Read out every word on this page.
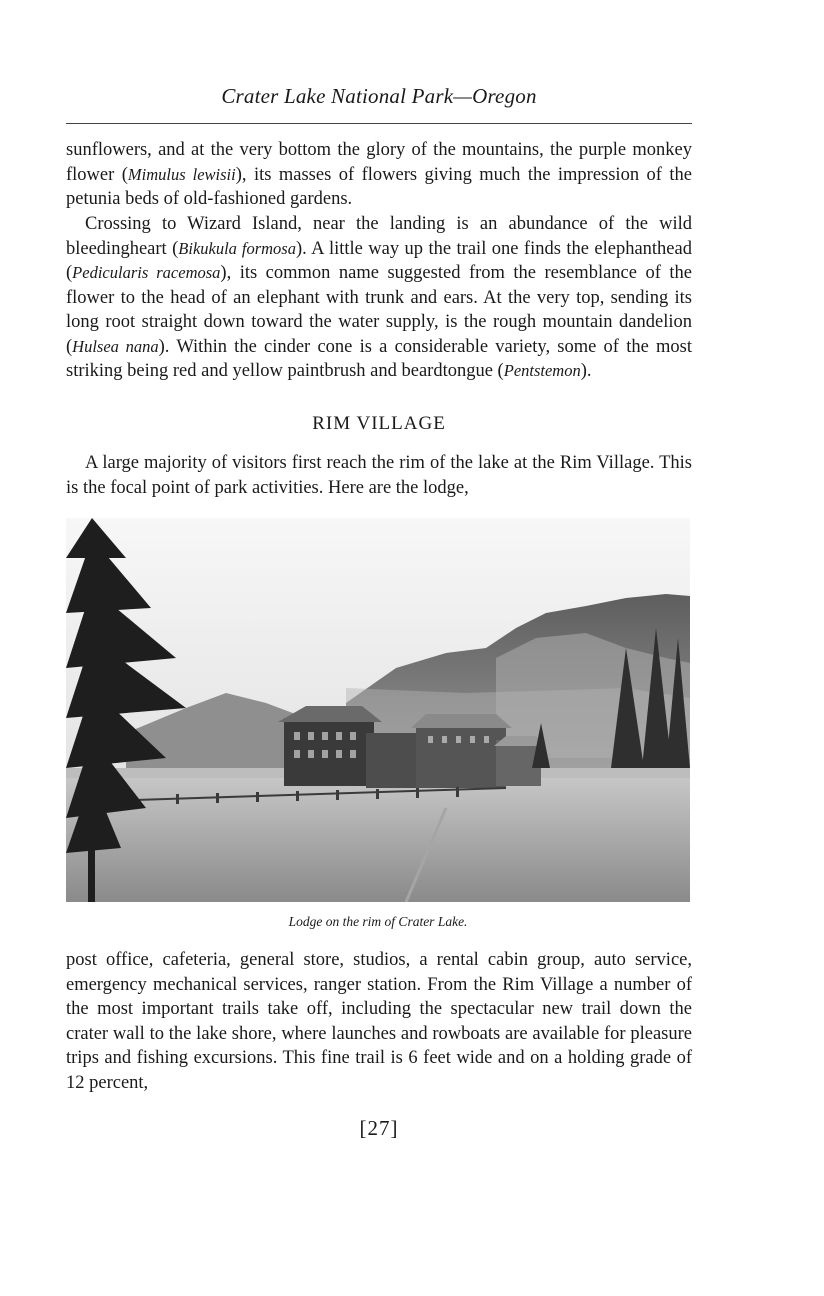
Crater Lake National Park—Oregon

sunflowers, and at the very bottom the glory of the mountains, the purple monkey flower (Mimulus lewisii), its masses of flowers giving much the impression of the petunia beds of old-fashioned gardens.

Crossing to Wizard Island, near the landing is an abundance of the wild bleedingheart (Bikukula formosa). A little way up the trail one finds the elephanthead (Pedicularis racemosa), its common name suggested from the resemblance of the flower to the head of an elephant with trunk and ears. At the very top, sending its long root straight down toward the water supply, is the rough mountain dandelion (Hulsea nana). Within the cinder cone is a considerable variety, some of the most striking being red and yellow paintbrush and beardtongue (Pentstemon).

RIM VILLAGE

A large majority of visitors first reach the rim of the lake at the Rim Village. This is the focal point of park activities. Here are the lodge,

Lodge on the rim of Crater Lake.

post office, cafeteria, general store, studios, a rental cabin group, auto service, emergency mechanical services, ranger station. From the Rim Village a number of the most important trails take off, including the spectacular new trail down the crater wall to the lake shore, where launches and rowboats are available for pleasure trips and fishing excursions. This fine trail is 6 feet wide and on a holding grade of 12 percent,

[27]
